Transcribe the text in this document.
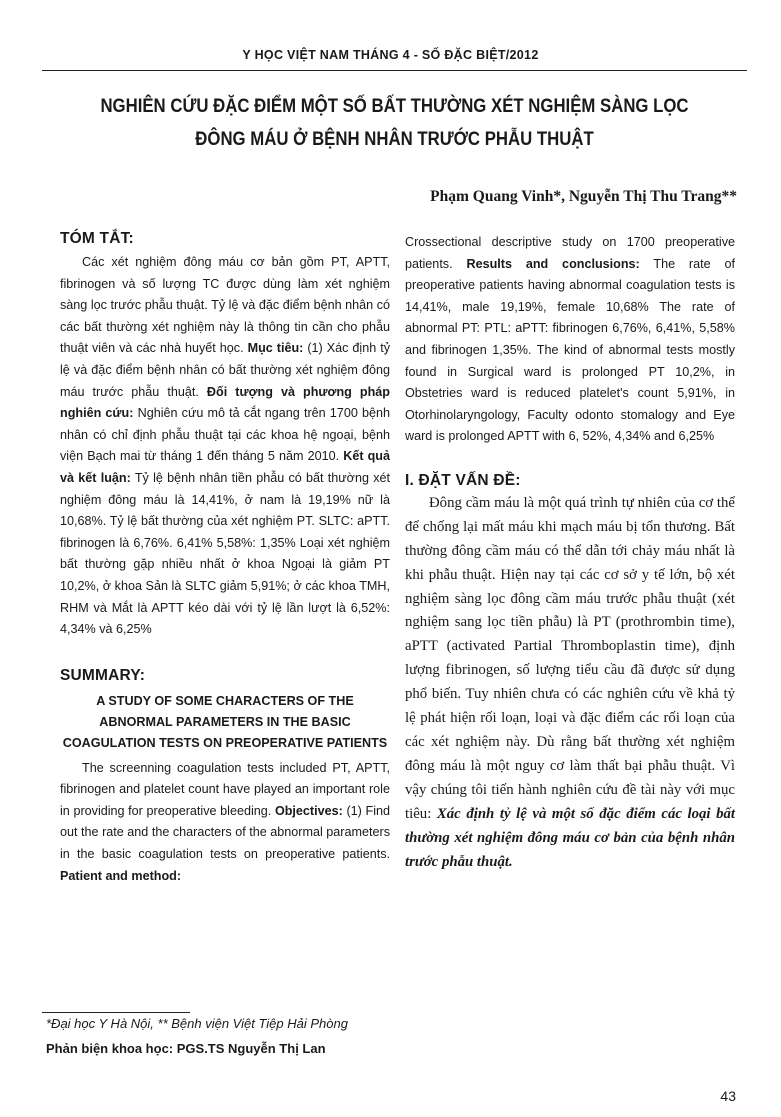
Y HỌC VIỆT NAM THÁNG 4 - SỐ ĐẶC BIỆT/2012
NGHIÊN CỨU ĐẶC ĐIỂM MỘT SỐ BẤT THƯỜNG XÉT NGHIỆM SÀNG LỌC
ĐÔNG MÁU Ở BỆNH NHÂN TRƯỚC PHẪU THUẬT
Phạm Quang Vinh*, Nguyễn Thị Thu Trang**
TÓM TẮT:

Các xét nghiệm đông máu cơ bản gồm PT, APTT, fibrinogen và số lượng TC được dùng làm xét nghiệm sàng lọc trước phẫu thuật. Tỷ lệ và đặc điểm bệnh nhân có các bất thường xét nghiệm này là thông tin cần cho phẫu thuật viên và các nhà huyết học. Mục tiêu: (1) Xác định tỷ lệ và đặc điểm bệnh nhân có bất thường xét nghiệm đông máu trước phẫu thuật. Đối tượng và phương pháp nghiên cứu: Nghiên cứu mô tả cắt ngang trên 1700 bệnh nhân có chỉ định phẫu thuật tại các khoa hệ ngoại, bệnh viện Bạch mai từ tháng 1 đến tháng 5 năm 2010. Kết quả và kết luận: Tỷ lệ bệnh nhân tiền phẫu có bất thường xét nghiệm đông máu là 14,41%, ở nam là 19,19% nữ là 10,68%. Tỷ lệ bất thường của xét nghiệm PT. SLTC: aPTT. fibrinogen là 6,76%. 6,41% 5,58%: 1,35% Loại xét nghiệm bất thường gặp nhiều nhất ở khoa Ngoại là giảm PT 10,2%, ở khoa Sản là SLTC giảm 5,91%; ở các khoa TMH, RHM và Mắt là APTT kéo dài với tỷ lệ lần lượt là 6,52%: 4,34% và 6,25%

SUMMARY:
A STUDY OF SOME CHARACTERS OF THE ABNORMAL PARAMETERS IN THE BASIC COAGULATION TESTS ON PREOPERATIVE PATIENTS

The screenning coagulation tests included PT, APTT, fibrinogen and platelet count have played an important role in providing for preoperative bleeding. Objectives: (1) Find out the rate and the characters of the abnormal parameters in the basic coagulation tests on preoperative patients. Patient and method:

Crossectional descriptive study on 1700 preoperative patients. Results and conclusions: The rate of preoperative patients having abnormal coagulation tests is 14,41%, male 19,19%, female 10,68% The rate of abnormal PT: PTL: aPTT: fibrinogen 6,76%, 6,41%, 5,58% and fibrinogen 1,35%. The kind of abnormal tests mostly found in Surgical ward is prolonged PT 10,2%, in Obstetries ward is reduced platelet's count 5,91%, in Otorhinolaryngology, Faculty odonto stomalogy and Eye ward is prolonged APTT with 6, 52%, 4,34% and 6,25%

I. ĐẶT VẤN ĐỀ:

Đông cầm máu là một quá trình tự nhiên của cơ thể để chống lại mất máu khi mạch máu bị tổn thương. Bất thường đông cầm máu có thể dẫn tới chảy máu nhất là khi phẫu thuật. Hiện nay tại các cơ sở y tế lớn, bộ xét nghiệm sàng lọc đông cầm máu trước phẫu thuật (xét nghiệm sang lọc tiền phẫu) là PT (prothrombin time), aPTT (activated Partial Thromboplastin time), định lượng fibrinogen, số lượng tiểu cầu đã được sử dụng phổ biến. Tuy nhiên chưa có các nghiên cứu về khả tỷ lệ phát hiện rối loạn, loại và đặc điểm các rối loạn của các xét nghiệm này. Dù rằng bất thường xét nghiệm đông máu là một nguy cơ làm thất bại phẫu thuật. Vì vậy chúng tôi tiến hành nghiên cứu đề tài này với mục tiêu: Xác định tỷ lệ và một số đặc điểm các loại bất thường xét nghiệm đông máu cơ bản của bệnh nhân trước phẫu thuật.

*Đại học Y Hà Nội, ** Bệnh viện Việt Tiệp Hải Phòng
Phản biện khoa học: PGS.TS Nguyễn Thị Lan
43
